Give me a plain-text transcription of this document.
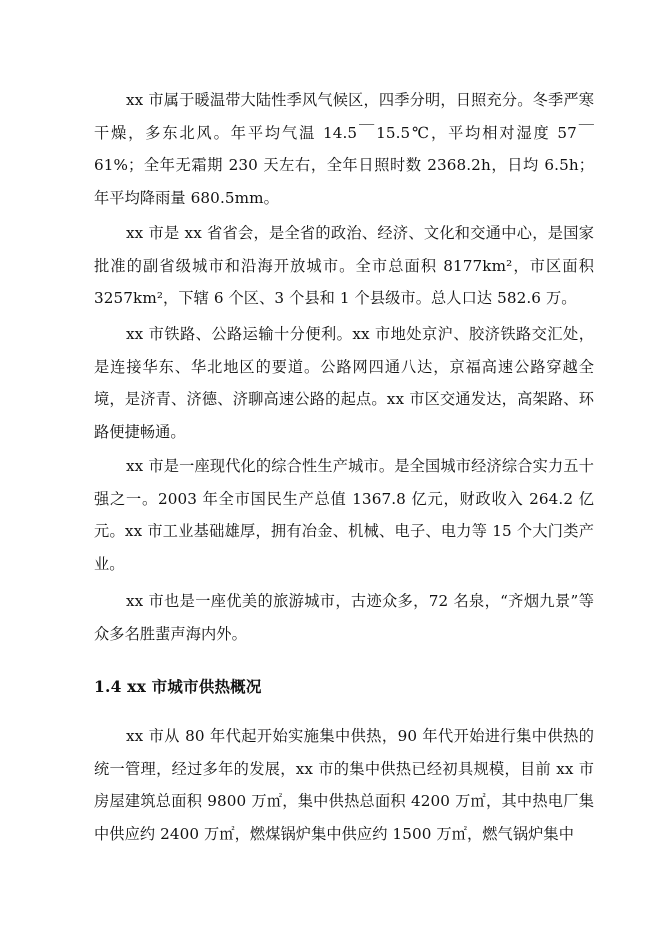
xx 市属于暖温带大陆性季风气候区，四季分明，日照充分。冬季严寒干燥，多东北风。年平均气温 14.5￣15.5℃，平均相对湿度 57￣61%；全年无霜期 230 天左右，全年日照时数 2368.2h，日均 6.5h；年平均降雨量 680.5mm。

xx 市是 xx 省省会，是全省的政治、经济、文化和交通中心，是国家批准的副省级城市和沿海开放城市。全市总面积 8177km²，市区面积 3257km²，下辖 6 个区、3 个县和 1 个县级市。总人口达 582.6 万。

xx 市铁路、公路运输十分便利。xx 市地处京沪、胶济铁路交汇处，是连接华东、华北地区的要道。公路网四通八达，京福高速公路穿越全境，是济青、济德、济聊高速公路的起点。xx 市区交通发达，高架路、环路便捷畅通。

xx 市是一座现代化的综合性生产城市。是全国城市经济综合实力五十强之一。2003 年全市国民生产总值 1367.8 亿元，财政收入 264.2 亿元。xx 市工业基础雄厚，拥有冶金、机械、电子、电力等 15 个大门类产业。

xx 市也是一座优美的旅游城市，古迹众多，72 名泉，“齐烟九景”等众多名胜蜚声海内外。

1.4 xx 市城市供热概况

xx 市从 80 年代起开始实施集中供热，90 年代开始进行集中供热的统一管理，经过多年的发展，xx 市的集中供热已经初具规模，目前 xx 市房屋建筑总面积 9800 万㎡，集中供热总面积 4200 万㎡，其中热电厂集中供应约 2400 万㎡，燃煤锅炉集中供应约 1500 万㎡，燃气锅炉集中
